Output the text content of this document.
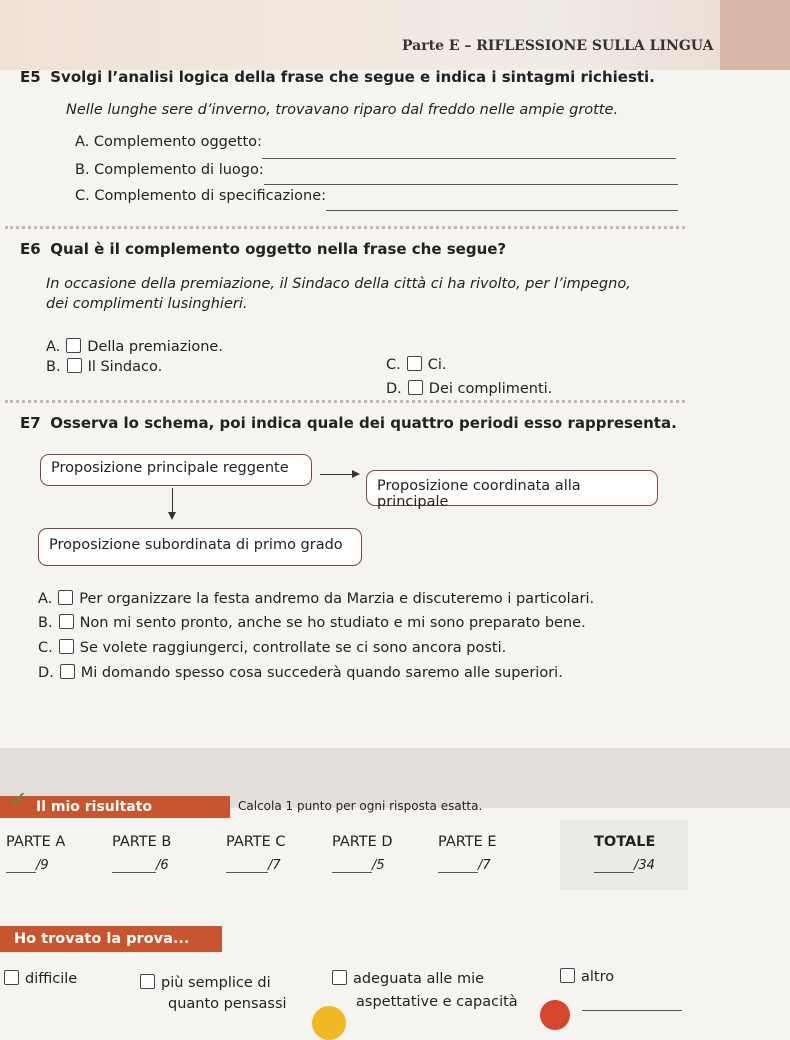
Parte E – RIFLESSIONE SULLA LINGUA
E5 Svolgi l’analisi logica della frase che segue e indica i sintagmi richiesti.
Nelle lunghe sere d’inverno, trovavano riparo dal freddo nelle ampie grotte.
A. Complemento oggetto:
B. Complemento di luogo:
C. Complemento di specificazione:
E6 Qual è il complemento oggetto nella frase che segue?
In occasione della premiazione, il Sindaco della città ci ha rivolto, per l’impegno,
dei complimenti lusinghieri.
A. Della premiazione.
B. Il Sindaco.	C. Ci.
D. Dei complimenti.
E7 Osserva lo schema, poi indica quale dei quattro periodi esso rappresenta.
Proposizione principale reggente
Proposizione coordinata alla principale
Proposizione subordinata di primo grado
A. Per organizzare la festa andremo da Marzia e discuteremo i particolari.
B. Non mi sento pronto, anche se ho studiato e mi sono preparato bene.
C. Se volete raggiungerci, controllate se ci sono ancora posti.
D. Mi domando spesso cosa succederà quando saremo alle superiori.
Il mio risultato
✓	Calcola 1 punto per ogni risposta esatta.
PARTE A	PARTE B	PARTE C	PARTE D	PARTE E	TOTALE
/9	/6	/7	/5	/7	/34
Ho trovato la prova...
difficile	più semplice di
quanto pensassi
adeguata alle mie
aspettative e capacità
altro
